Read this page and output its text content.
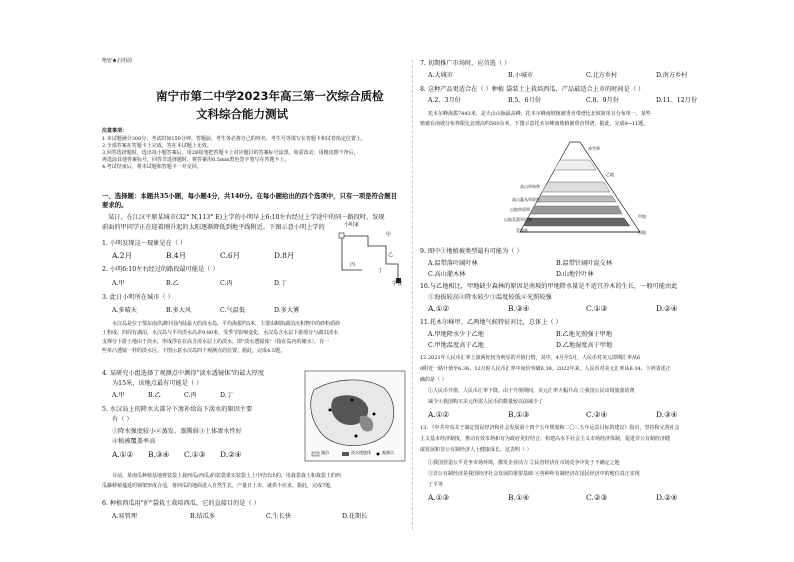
绝密★启用前
南宁市第二中学2023年高三第一次综合质检
文科综合能力测试
注意事项：
1.本试题满分300分，考试时间150分钟。答题前，考生务必将自己的姓名、考生号等填写在答题卡和试卷指定位置上。
2.全部答案在答题卡上完成，答在本试题上无效。
3.回答选择题时，选出每小题答案后，用2B铅笔把答题卡上对应题目的答案标号涂黑。如需改动，用橡皮擦干净后，
再选涂其他答案标号。回答非选择题时，将答案用0.5mm黑色签字笔写在答题卡上。
4.考试结束后，将本试题和答题卡一并交回。
一、选择题：本题共35小题，每小题4分，共140分。在每小题给出的四个选项中，只有一项是符合题目
要求的。
某日，在江汉平原某城市(32° N,113° E)上学的小明早上6:10左右经过上学途中的同一路段时，发现
前面的甲同学正在迎着刚升起的太阳逐渐降低到地平线附近。下图示意小明上学的
甲
乙
丙
丁
学校
小明家
1. 小明发现这一现象是在（ ）
A.2月	B.4月	C.6月	D.8月
2. 小明6:10左右经过的路段最可能是（ ）
A.甲	B.乙	C.丙	D.丁
3. 此日小明所在城市（ ）
A.多晴天	B.多大风	C.气温低	D.多大雾
水汉岛是位于鄂东南洪湖中国内陆最大的淡水岛，平均海拔约5米，主要由断陷湖泊沉积物中的砂粉质砂
土构成。四周有湖泊，水汉岛与平均洪水高差9.80米，受季节影响变化，水汉岛含水层下游部分与湖泊淡水
支撑分下游土地由于淡水，形成浮在在高含淡水层上的淡水，即"淡水透镜体"（指在岛内的储水）。有一
些单凸透镜一样的淡水区，下图示意水汉岛四个观测点的位置。据此，完成4.5题。
4. 某研究小组选择了观测点中测得"淡水透镜体"的最大厚度
为15米，该地点最有可能是（ ）
A.甲	B.乙	C.丙	D.丁
5. 水汉岛上的降水大部分下渗补给岛下淡水的原因主要
有（ ）
①降水强度较小②蒸发、蒸腾弱③土体渗水性好
④植被覆盖率高
A.①② B.③④ C.①③ D.②④	湖泊	淡水透镜体	观测点
目前，某南瓜种植基地将装袋上栽西瓜(西瓜)的装袋果实装袋土上中结出出的，用栽袋栽土和栽袋土的西
瓜藤移植蔓延的钢架形成合适，将西瓜的地面进入自然生长，产量日上市，就供不应求。据此，完成7题。
6. 种植西瓜用"护"袋栽土栽培西瓜，它的直接目的是（ ）
A.易管理	B.结瓜多	C.生长快	D.花期长
7. 初期推广市场时，应首选（ ）
A.大城市	B.小城市	C.北方乡村	D.南方乡村
8. 这种产品更适合在（ ）种植 袋装土上栽培西瓜，产品最适合上市的时间是（ ）
A.2、3月份	B.5、6月份	C.8、9月份	D.11、12月份
托木尔峰海拔7443米，是天山山脉最高峰，托木尔峰南坡植被垂直带谱比北坡简单且分布单一，某些
植被在南坡分布界限比北坡高约500余米，下图示意托木尔峰南坡植被垂直带谱，据此，完成9~11题。
冰雪带
乙地
高山草甸带
高山灌丛草原带
山地草原带
山地荒漠草原带
荒漠带
甲地
丙地
9. 图中①地植被类型最有可能为（ ）
A.温带落叶阔叶林	B.温带针阔叶混交林
C.高山灌木林	D.山地针叶林
10.与乙地相比，甲地缺少森林的原因是南坡的甲地降水量是不适宜乔木的生长，一般可能由此
①海拔较高②降水较少③温度较低④光照较强
A.①②	B.③④	C.①③	D.②④
11.托木尔峰甲、乙两地气候特征对比，总体上（ ）
A.甲地降水少于乙地	B.乙地光照强于甲地
C.甲地温度高于乙地	D.乙地湿度高于甲地
12.2021年人民币汇率上演两轮较为明显的升值行情，其中，4月至5月，人民币对美元即期汇率从6
0附近一路升值至6.36，12月时人民币汇率中间价突破6.38。2022年来，人民币对美元汇率从6.34、下列表述正
确的是（ ）
①人民币升值，人民币汇率下降，由于升值期间，美元汇率大幅升高 ②我国公民出境旅游消费
减少④我国购买美元所需人民币的数量较以前减少了
A.①②	B.①③	C.②④	D.③④
13. 《中共中央关于制定国民经济和社会发展第十四个五年规划和二〇三五年远景目标的建议》指出，坚持和完善社会
主义基本经济制度，推动有效市场和有为政府更好结合。构建高水平社会主义市场经济体制，促进非公有制经济健
康发展和非公有制经济人士健康成长。这表明（ ）
①我国营造公平竞争市场环境，激发企业活力 ②民营经济在市场竞争中处于不确定之地
③非公有制经济是我国经济社会发展的重要基础 ④各种所有制经济在国民经济中的地位真正实现
了平等
A.①③	B.①④	C.②③	D.②④
